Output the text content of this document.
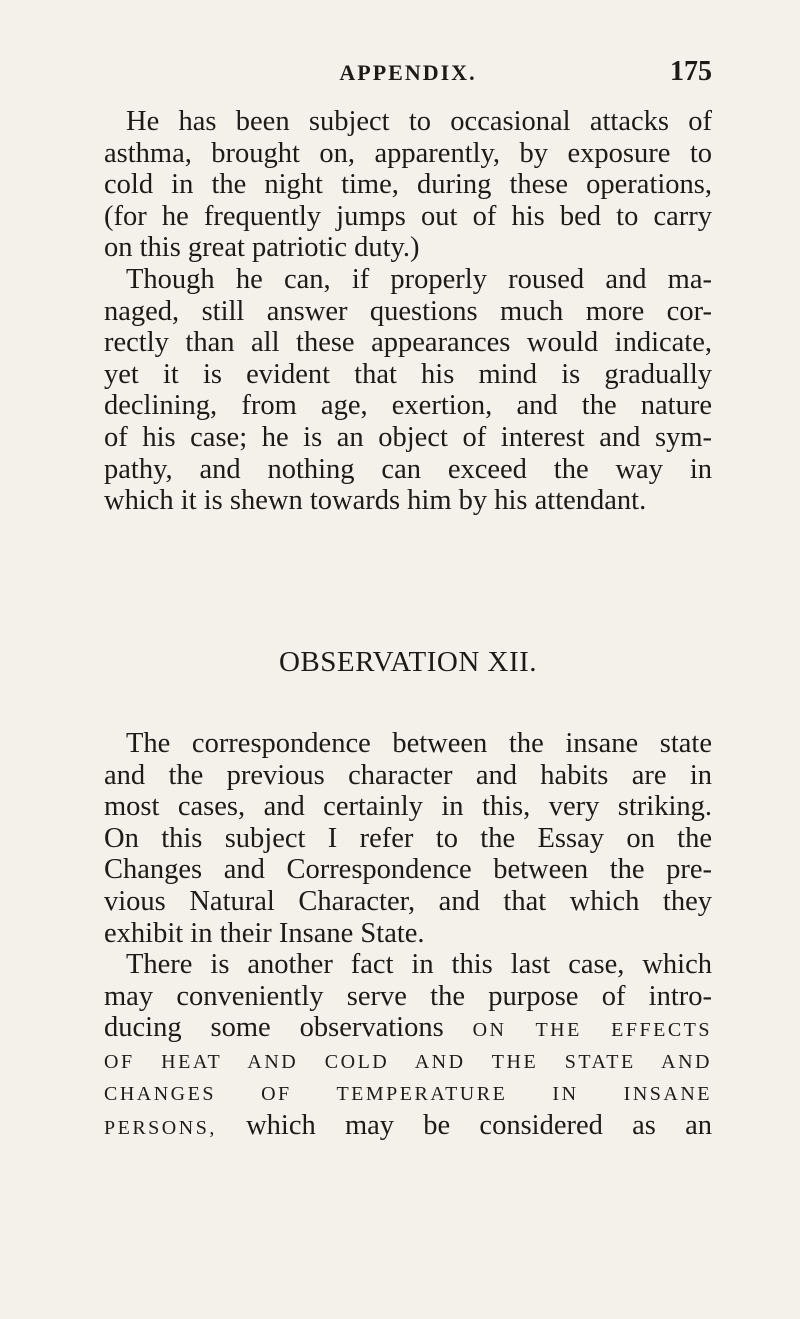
APPENDIX.	175

He has been subject to occasional attacks of
asthma, brought on, apparently, by exposure to
cold in the night time, during these operations,
(for he frequently jumps out of his bed to carry
on this great patriotic duty.)

Though he can, if properly roused and ma-
naged, still answer questions much more cor-
rectly than all these appearances would indicate,
yet it is evident that his mind is gradually
declining, from age, exertion, and the nature
of his case; he is an object of interest and sym-
pathy, and nothing can exceed the way in
which it is shewn towards him by his attendant.

OBSERVATION XII.

The correspondence between the insane state
and the previous character and habits are in
most cases, and certainly in this, very striking.
On this subject I refer to the Essay on the
Changes and Correspondence between the pre-
vious Natural Character, and that which they
exhibit in their Insane State.

There is another fact in this last case, which
may conveniently serve the purpose of intro-
ducing some observations ON THE EFFECTS
OF HEAT AND COLD AND THE STATE AND
CHANGES OF TEMPERATURE IN INSANE
PERSONS, which may be considered as an
